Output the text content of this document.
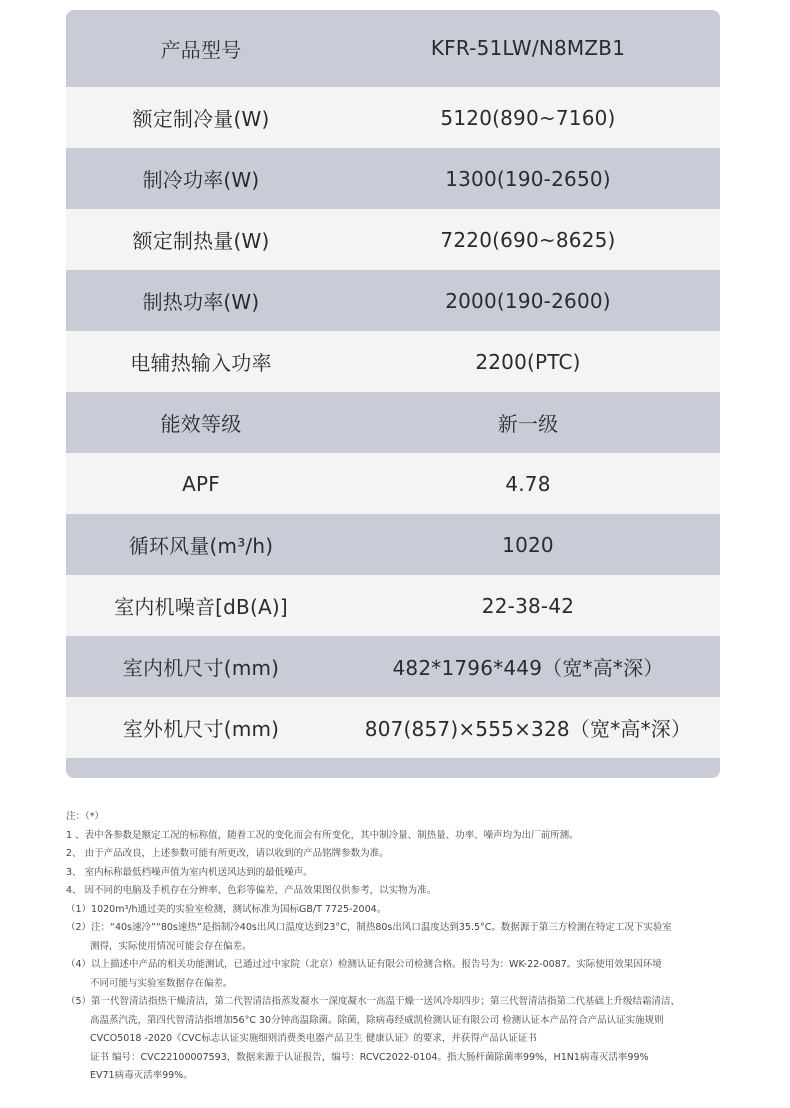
产品型号	KFR-51LW/N8MZB1
额定制冷量(W)	5120(890~7160)
制冷功率(W)	1300(190-2650)
额定制热量(W)	7220(690~8625)
制热功率(W)	2000(190-2600)
电辅热输入功率	2200(PTC)
能效等级	新一级
APF	4.78
循环风量(m³/h)	1020
室内机噪音[dB(A)]	22-38-42
室内机尺寸(mm)	482*1796*449（宽*高*深）
室外机尺寸(mm)	807(857)×555×328（宽*高*深）
注：（*）
1 、表中各参数是额定工况的标称值，随着工况的变化而会有所变化，其中制冷量、制热量、功率、噪声均为出厂前所测。
2、 由于产品改良，上述参数可能有所更改，请以收到的产品铭牌参数为准。
3、 室内标称最低档噪声值为室内机送风达到的最低噪声。
4、 因不同的电脑及手机存在分辨率、色彩等偏差，产品效果图仅供参考，以实物为准。
（1）1020m³/h通过美的实验室检测，测试标准为国标GB/T 7725-2004。
（2）注：“40s速冷”“80s速热”是指制冷40s出风口温度达到23°C，制热80s出风口温度达到35.5°C。数据源于第三方检测在特定工况下实验室
测得，实际使用情况可能会存在偏差。
（4）以上描述中产品的相关功能测试，已通过过中家院（北京）检测认证有限公司检测合格。报告号为：WK-22-0087。实际使用效果因环境
不同可能与实验室数据存在偏差。
（5）第一代智清洁指热干燥清洁，第二代智清洁指蒸发凝水一深度凝水一高温干燥一送风冷却四步；第三代智清洁指第二代基础上升级结霜清洁、
高温蒸汽洗，第四代智清洁指增加56°C 30分钟高温除菌。除菌，除病毒经威凯检测认证有限公司 检测认证本产品符合产品认证实施规则
CVCO5018 -2020《CVC标志认证实施细则消费类电器产品卫生 健康认证》的要求，并获得产品认证证书
证书 编号：CVC22100007593，数据来源于认证报告，编号：RCVC2022-0104。指大肠杆菌除菌率99%，H1N1病毒灭活率99%
EV71病毒灭活率99%。
